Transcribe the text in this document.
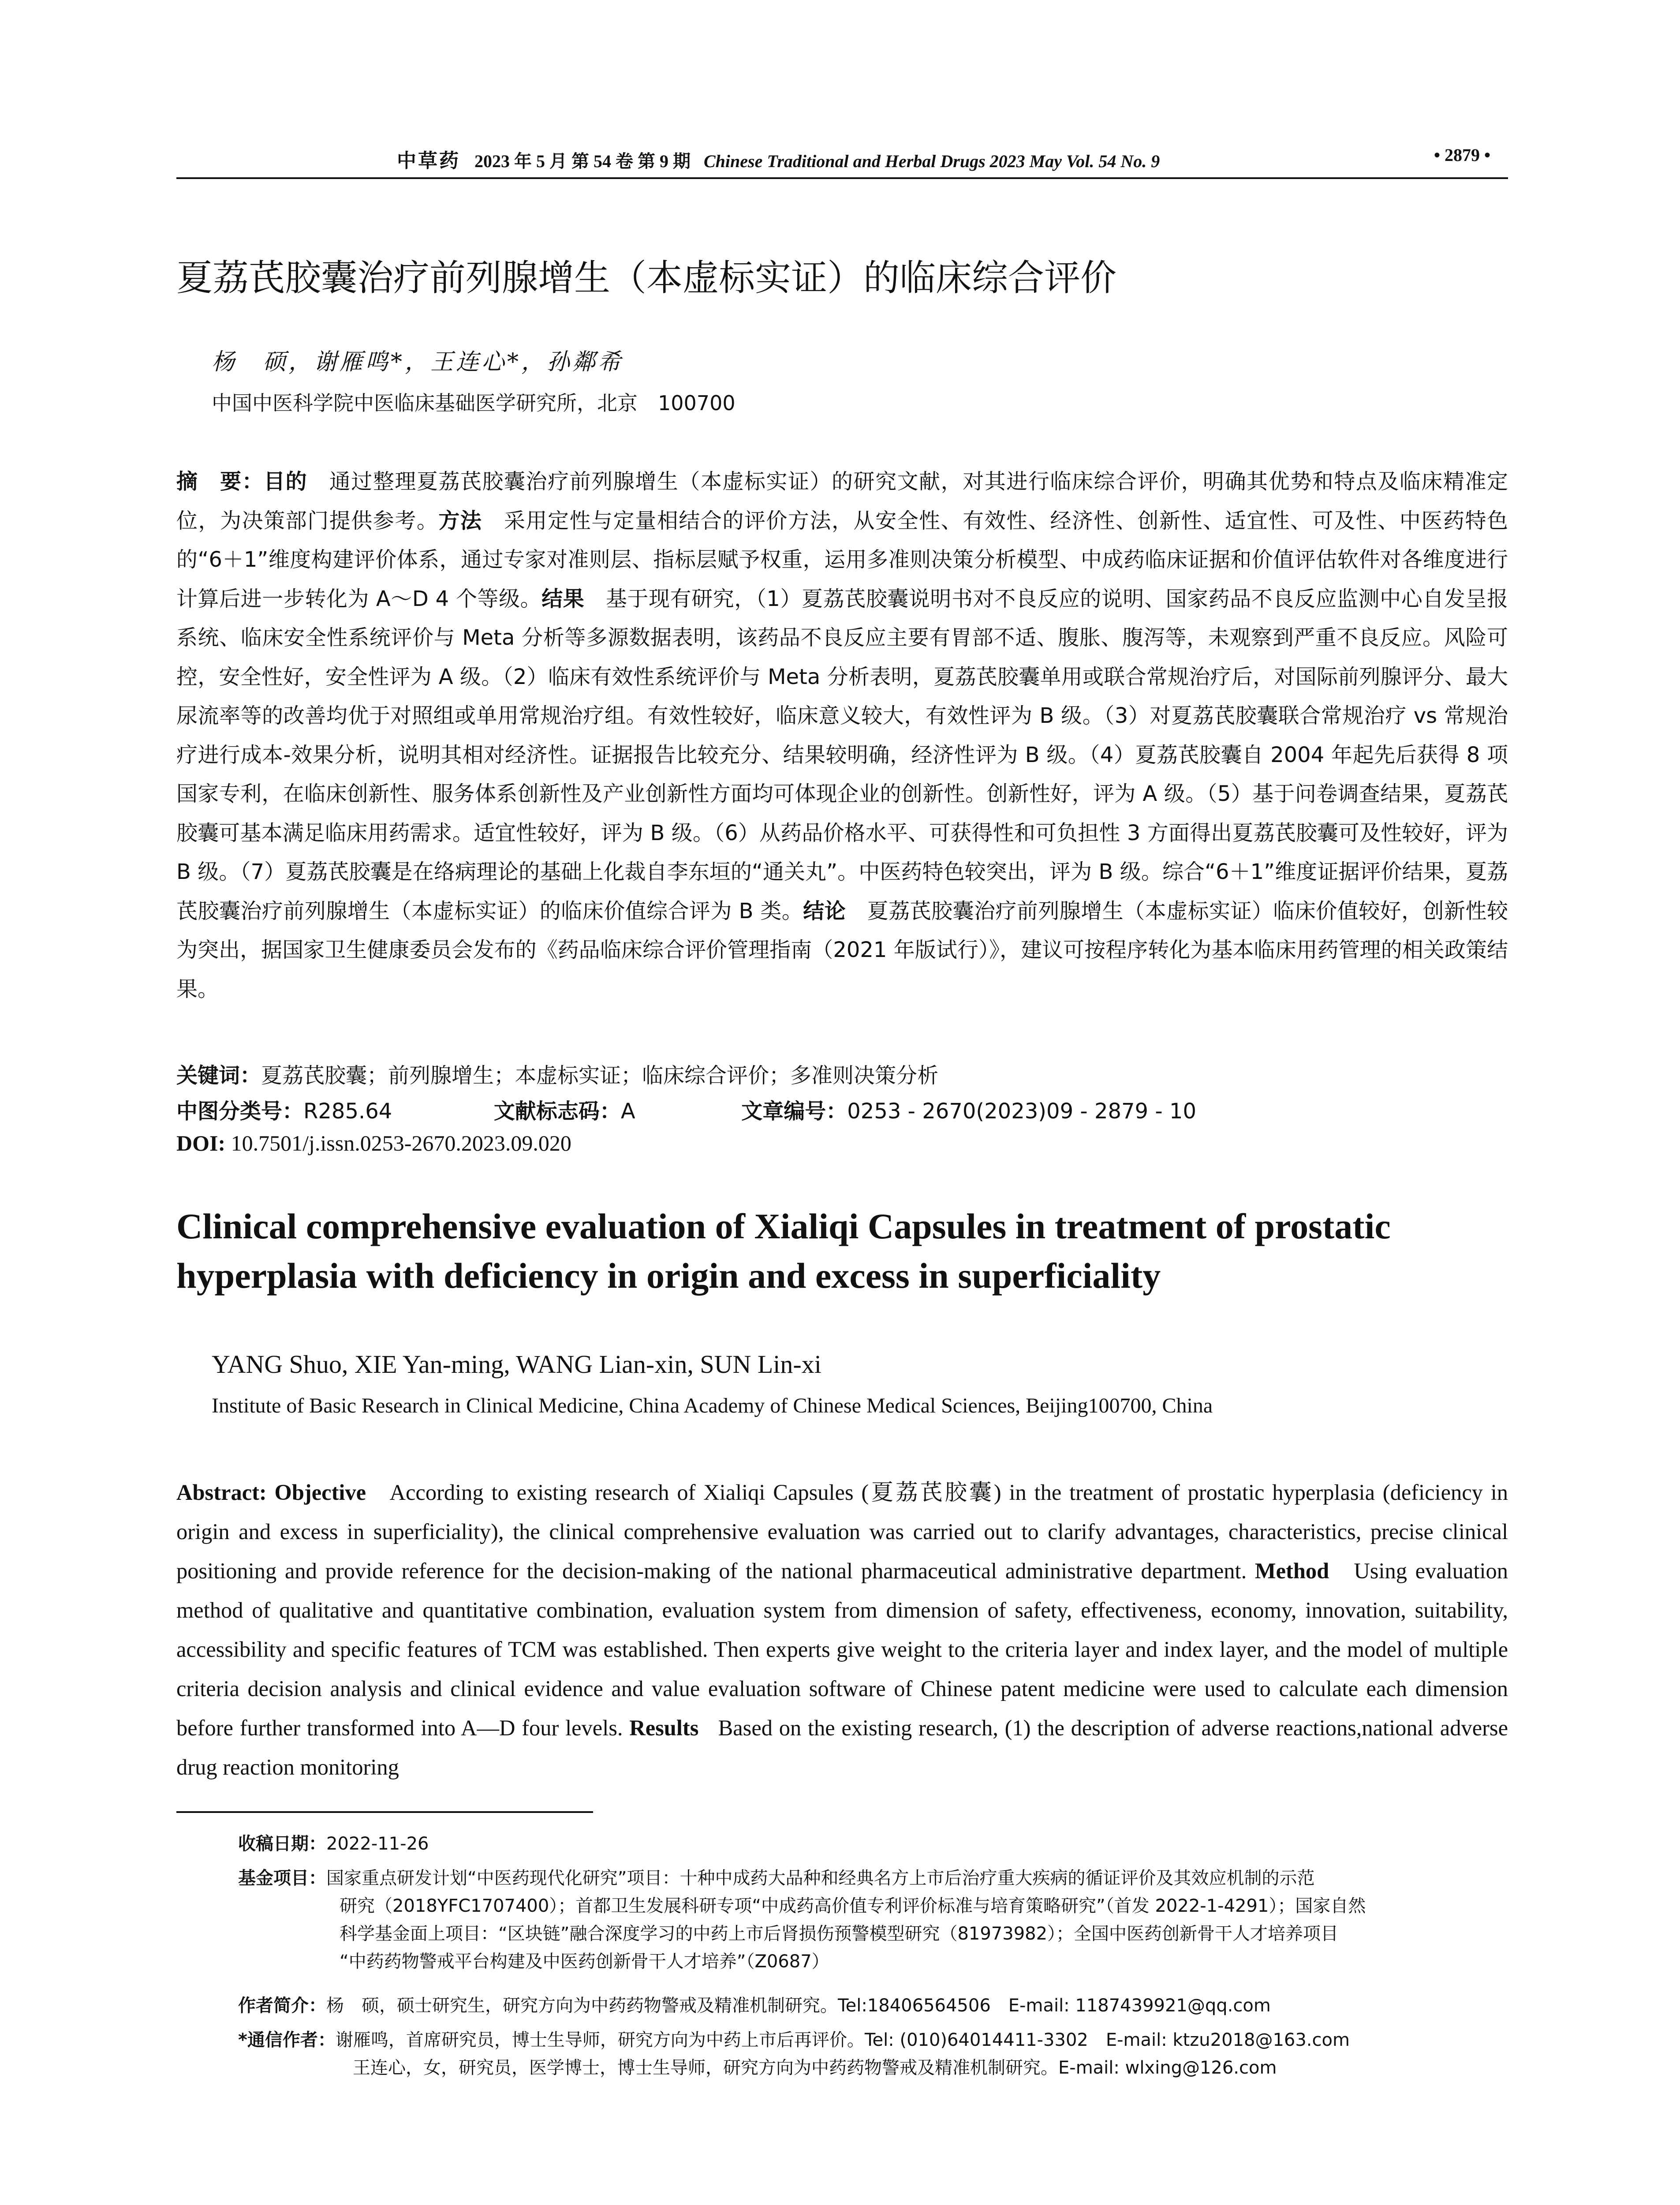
中草药 2023 年 5 月 第 54 卷 第 9 期 Chinese Traditional and Herbal Drugs 2023 May Vol. 54 No. 9	• 2879 •
夏荔芪胶囊治疗前列腺增生（本虚标实证）的临床综合评价
杨　硕，谢雁鸣*，王连心*，孙鄰希
中国中医科学院中医临床基础医学研究所，北京　100700
摘　要：目的　 通过整理夏荔芪胶囊治疗前列腺增生（本虚标实证）的研究文献，对其进行临床综合评价，明确其优势和特点及临床精准定位，为决策部门提供参考。方法　 采用定性与定量相结合的评价方法，从安全性、有效性、经济性、创新性、适宜性、可及性、中医药特色的“6＋1”维度构建评价体系，通过专家对准则层、指标层赋予权重，运用多准则决策分析模型、中成药临床证据和价值评估软件对各维度进行计算后进一步转化为 A～D 4 个等级。结果　 基于现有研究，（1）夏荔芪胶囊说明书对不良反应的说明、国家药品不良反应监测中心自发呈报系统、临床安全性系统评价与 Meta 分析等多源数据表明，该药品不良反应主要有胃部不适、腹胀、腹泻等，未观察到严重不良反应。风险可控，安全性好，安全性评为 A 级。（2）临床有效性系统评价与 Meta 分析表明，夏荔芪胶囊单用或联合常规治疗后，对国际前列腺评分、最大尿流率等的改善均优于对照组或单用常规治疗组。有效性较好，临床意义较大，有效性评为 B 级。（3）对夏荔芪胶囊联合常规治疗 vs 常规治疗进行成本-效果分析，说明其相对经济性。证据报告比较充分、结果较明确，经济性评为 B 级。（4）夏荔芪胶囊自 2004 年起先后获得 8 项国家专利，在临床创新性、服务体系创新性及产业创新性方面均可体现企业的创新性。创新性好，评为 A 级。（5）基于问卷调查结果，夏荔芪胶囊可基本满足临床用药需求。适宜性较好，评为 B 级。（6）从药品价格水平、可获得性和可负担性 3 方面得出夏荔芪胶囊可及性较好，评为 B 级。（7）夏荔芪胶囊是在络病理论的基础上化裁自李东垣的“通关丸”。中医药特色较突出，评为 B 级。综合“6＋1”维度证据评价结果，夏荔芪胶囊治疗前列腺增生（本虚标实证）的临床价值综合评为 B 类。结论　 夏荔芪胶囊治疗前列腺增生（本虚标实证）临床价值较好，创新性较为突出，据国家卫生健康委员会发布的《药品临床综合评价管理指南（2021 年版试行）》，建议可按程序转化为基本临床用药管理的相关政策结果。
关键词：夏荔芪胶囊；前列腺增生；本虚标实证；临床综合评价；多准则决策分析
中图分类号：R285.64	文献标志码：A	文章编号：0253 - 2670(2023)09 - 2879 - 10
DOI: 10.7501/j.issn.0253-2670.2023.09.020
Clinical comprehensive evaluation of Xialiqi Capsules in treatment of prostatic hyperplasia with deficiency in origin and excess in superficiality
YANG Shuo, XIE Yan-ming, WANG Lian-xin, SUN Lin-xi
Institute of Basic Research in Clinical Medicine, China Academy of Chinese Medical Sciences, Beijing100700, China
Abstract: Objective According to existing research of Xialiqi Capsules (夏荔芪胶囊) in the treatment of prostatic hyperplasia (deficiency in origin and excess in superficiality), the clinical comprehensive evaluation was carried out to clarify advantages, characteristics, precise clinical positioning and provide reference for the decision-making of the national pharmaceutical administrative department. Method Using evaluation method of qualitative and quantitative combination, evaluation system from dimension of safety, effectiveness, economy, innovation, suitability, accessibility and specific features of TCM was established. Then experts give weight to the criteria layer and index layer, and the model of multiple criteria decision analysis and clinical evidence and value evaluation software of Chinese patent medicine were used to calculate each dimension before further transformed into A—D four levels. Results Based on the existing research, (1) the description of adverse reactions,national adverse drug reaction monitoring
收稿日期：2022-11-26
基金项目：国家重点研发计划“中医药现代化研究”项目：十种中成药大品种和经典名方上市后治疗重大疾病的循证评价及其效应机制的示范
研究（2018YFC1707400）；首都卫生发展科研专项“中成药高价值专利评价标准与培育策略研究”（首发 2022-1-4291）；国家自然
科学基金面上项目：“区块链”融合深度学习的中药上市后肾损伤预警模型研究（81973982）；全国中医药创新骨干人才培养项目
“中药药物警戒平台构建及中医药创新骨干人才培养”（Z0687）
作者简介：杨　硕，硕士研究生，研究方向为中药药物警戒及精准机制研究。Tel:18406564506　E-mail: 1187439921@qq.com
*通信作者：谢雁鸣，首席研究员，博士生导师，研究方向为中药上市后再评价。Tel: (010)64014411-3302　E-mail: ktzu2018@163.com
王连心，女，研究员，医学博士，博士生导师，研究方向为中药药物警戒及精准机制研究。E-mail: wlxing@126.com
